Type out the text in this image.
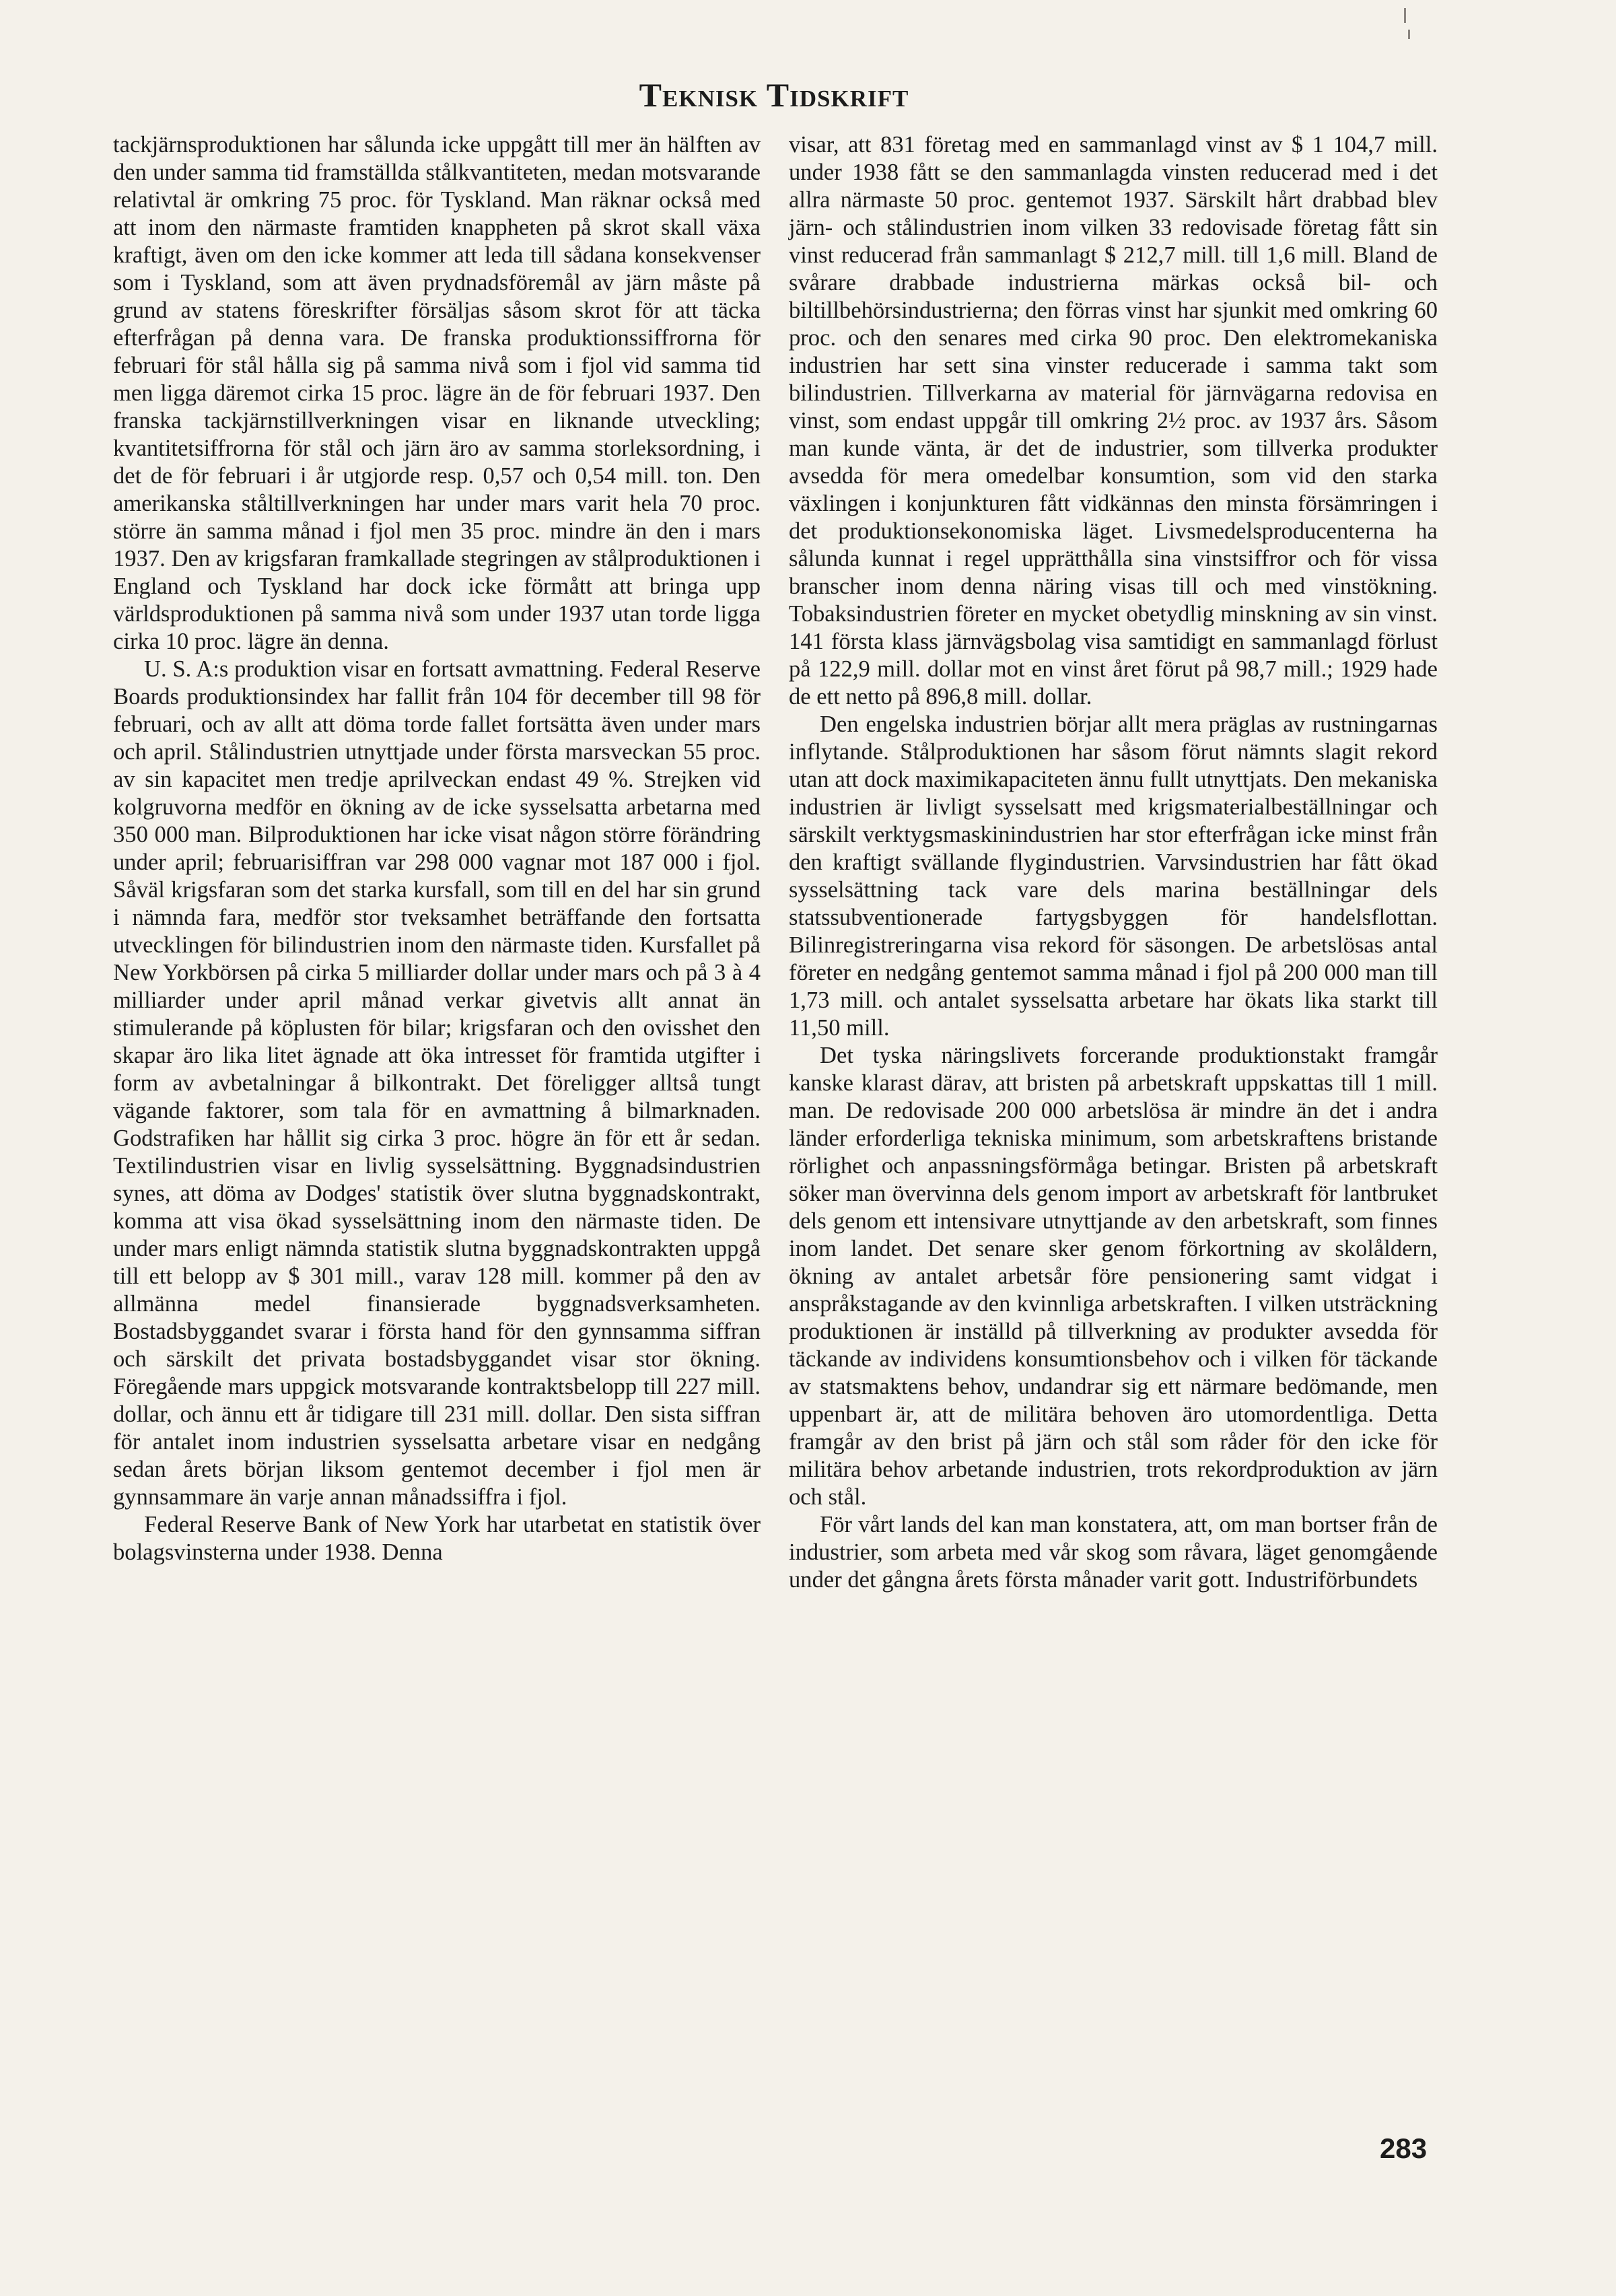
Teknisk Tidskrift

tackjärnsproduktionen har sålunda icke uppgått till mer än hälften av den under samma tid framställda stålkvantiteten, medan motsvarande relativtal är omkring 75 proc. för Tyskland. Man räknar också med att inom den närmaste framtiden knappheten på skrot skall växa kraftigt, även om den icke kommer att leda till sådana konsekvenser som i Tyskland, som att även prydnadsföremål av järn måste på grund av statens föreskrifter försäljas såsom skrot för att täcka efterfrågan på denna vara. De franska produktionssiffrorna för februari för stål hålla sig på samma nivå som i fjol vid samma tid men ligga däremot cirka 15 proc. lägre än de för februari 1937. Den franska tackjärnstillverkningen visar en liknande utveckling; kvantitetsiffrorna för stål och järn äro av samma storleksordning, i det de för februari i år utgjorde resp. 0,57 och 0,54 mill. ton. Den amerikanska ståltillverkningen har under mars varit hela 70 proc. större än samma månad i fjol men 35 proc. mindre än den i mars 1937. Den av krigsfaran framkallade stegringen av stålproduktionen i England och Tyskland har dock icke förmått att bringa upp världsproduktionen på samma nivå som under 1937 utan torde ligga cirka 10 proc. lägre än denna.

U. S. A:s produktion visar en fortsatt avmattning. Federal Reserve Boards produktionsindex har fallit från 104 för december till 98 för februari, och av allt att döma torde fallet fortsätta även under mars och april. Stålindustrien utnyttjade under första marsveckan 55 proc. av sin kapacitet men tredje aprilveckan endast 49 %. Strejken vid kolgruvorna medför en ökning av de icke sysselsatta arbetarna med 350 000 man. Bilproduktionen har icke visat någon större förändring under april; februarisiffran var 298 000 vagnar mot 187 000 i fjol. Såväl krigsfaran som det starka kursfall, som till en del har sin grund i nämnda fara, medför stor tveksamhet beträffande den fortsatta utvecklingen för bilindustrien inom den närmaste tiden. Kursfallet på New Yorkbörsen på cirka 5 milliarder dollar under mars och på 3 à 4 milliarder under april månad verkar givetvis allt annat än stimulerande på köplusten för bilar; krigsfaran och den ovisshet den skapar äro lika litet ägnade att öka intresset för framtida utgifter i form av avbetalningar å bilkontrakt. Det föreligger alltså tungt vägande faktorer, som tala för en avmattning å bilmarknaden. Godstrafiken har hållit sig cirka 3 proc. högre än för ett år sedan. Textilindustrien visar en livlig sysselsättning. Byggnadsindustrien synes, att döma av Dodges' statistik över slutna byggnadskontrakt, komma att visa ökad sysselsättning inom den närmaste tiden. De under mars enligt nämnda statistik slutna byggnadskontrakten uppgå till ett belopp av $ 301 mill., varav 128 mill. kommer på den av allmänna medel finansierade byggnadsverksamheten. Bostadsbyggandet svarar i första hand för den gynnsamma siffran och särskilt det privata bostadsbyggandet visar stor ökning. Föregående mars uppgick motsvarande kontraktsbelopp till 227 mill. dollar, och ännu ett år tidigare till 231 mill. dollar. Den sista siffran för antalet inom industrien sysselsatta arbetare visar en nedgång sedan årets början liksom gentemot december i fjol men är gynnsammare än varje annan månadssiffra i fjol.

Federal Reserve Bank of New York har utarbetat en statistik över bolagsvinsterna under 1938. Denna

visar, att 831 företag med en sammanlagd vinst av $ 1 104,7 mill. under 1938 fått se den sammanlagda vinsten reducerad med i det allra närmaste 50 proc. gentemot 1937. Särskilt hårt drabbad blev järn- och stålindustrien inom vilken 33 redovisade företag fått sin vinst reducerad från sammanlagt $ 212,7 mill. till 1,6 mill. Bland de svårare drabbade industrierna märkas också bil- och biltillbehörsindustrierna; den förras vinst har sjunkit med omkring 60 proc. och den senares med cirka 90 proc. Den elektromekaniska industrien har sett sina vinster reducerade i samma takt som bilindustrien. Tillverkarna av material för järnvägarna redovisa en vinst, som endast uppgår till omkring 2½ proc. av 1937 års. Såsom man kunde vänta, är det de industrier, som tillverka produkter avsedda för mera omedelbar konsumtion, som vid den starka växlingen i konjunkturen fått vidkännas den minsta försämringen i det produktionsekonomiska läget. Livsmedelsproducenterna ha sålunda kunnat i regel upprätthålla sina vinstsiffror och för vissa branscher inom denna näring visas till och med vinstökning. Tobaksindustrien företer en mycket obetydlig minskning av sin vinst. 141 första klass järnvägsbolag visa samtidigt en sammanlagd förlust på 122,9 mill. dollar mot en vinst året förut på 98,7 mill.; 1929 hade de ett netto på 896,8 mill. dollar.

Den engelska industrien börjar allt mera präglas av rustningarnas inflytande. Stålproduktionen har såsom förut nämnts slagit rekord utan att dock maximikapaciteten ännu fullt utnyttjats. Den mekaniska industrien är livligt sysselsatt med krigsmaterialbeställningar och särskilt verktygsmaskinindustrien har stor efterfrågan icke minst från den kraftigt svällande flygindustrien. Varvsindustrien har fått ökad sysselsättning tack vare dels marina beställningar dels statssubventionerade fartygsbyggen för handelsflottan. Bilinregistreringarna visa rekord för säsongen. De arbetslösas antal företer en nedgång gentemot samma månad i fjol på 200 000 man till 1,73 mill. och antalet sysselsatta arbetare har ökats lika starkt till 11,50 mill.

Det tyska näringslivets forcerande produktionstakt framgår kanske klarast därav, att bristen på arbetskraft uppskattas till 1 mill. man. De redovisade 200 000 arbetslösa är mindre än det i andra länder erforderliga tekniska minimum, som arbetskraftens bristande rörlighet och anpassningsförmåga betingar. Bristen på arbetskraft söker man övervinna dels genom import av arbetskraft för lantbruket dels genom ett intensivare utnyttjande av den arbetskraft, som finnes inom landet. Det senare sker genom förkortning av skolåldern, ökning av antalet arbetsår före pensionering samt vidgat i anspråkstagande av den kvinnliga arbetskraften. I vilken utsträckning produktionen är inställd på tillverkning av produkter avsedda för täckande av individens konsumtionsbehov och i vilken för täckande av statsmaktens behov, undandrar sig ett närmare bedömande, men uppenbart är, att de militära behoven äro utomordentliga. Detta framgår av den brist på järn och stål som råder för den icke för militära behov arbetande industrien, trots rekordproduktion av järn och stål.

För vårt lands del kan man konstatera, att, om man bortser från de industrier, som arbeta med vår skog som råvara, läget genomgående under det gångna årets första månader varit gott. Industriförbundets

283
